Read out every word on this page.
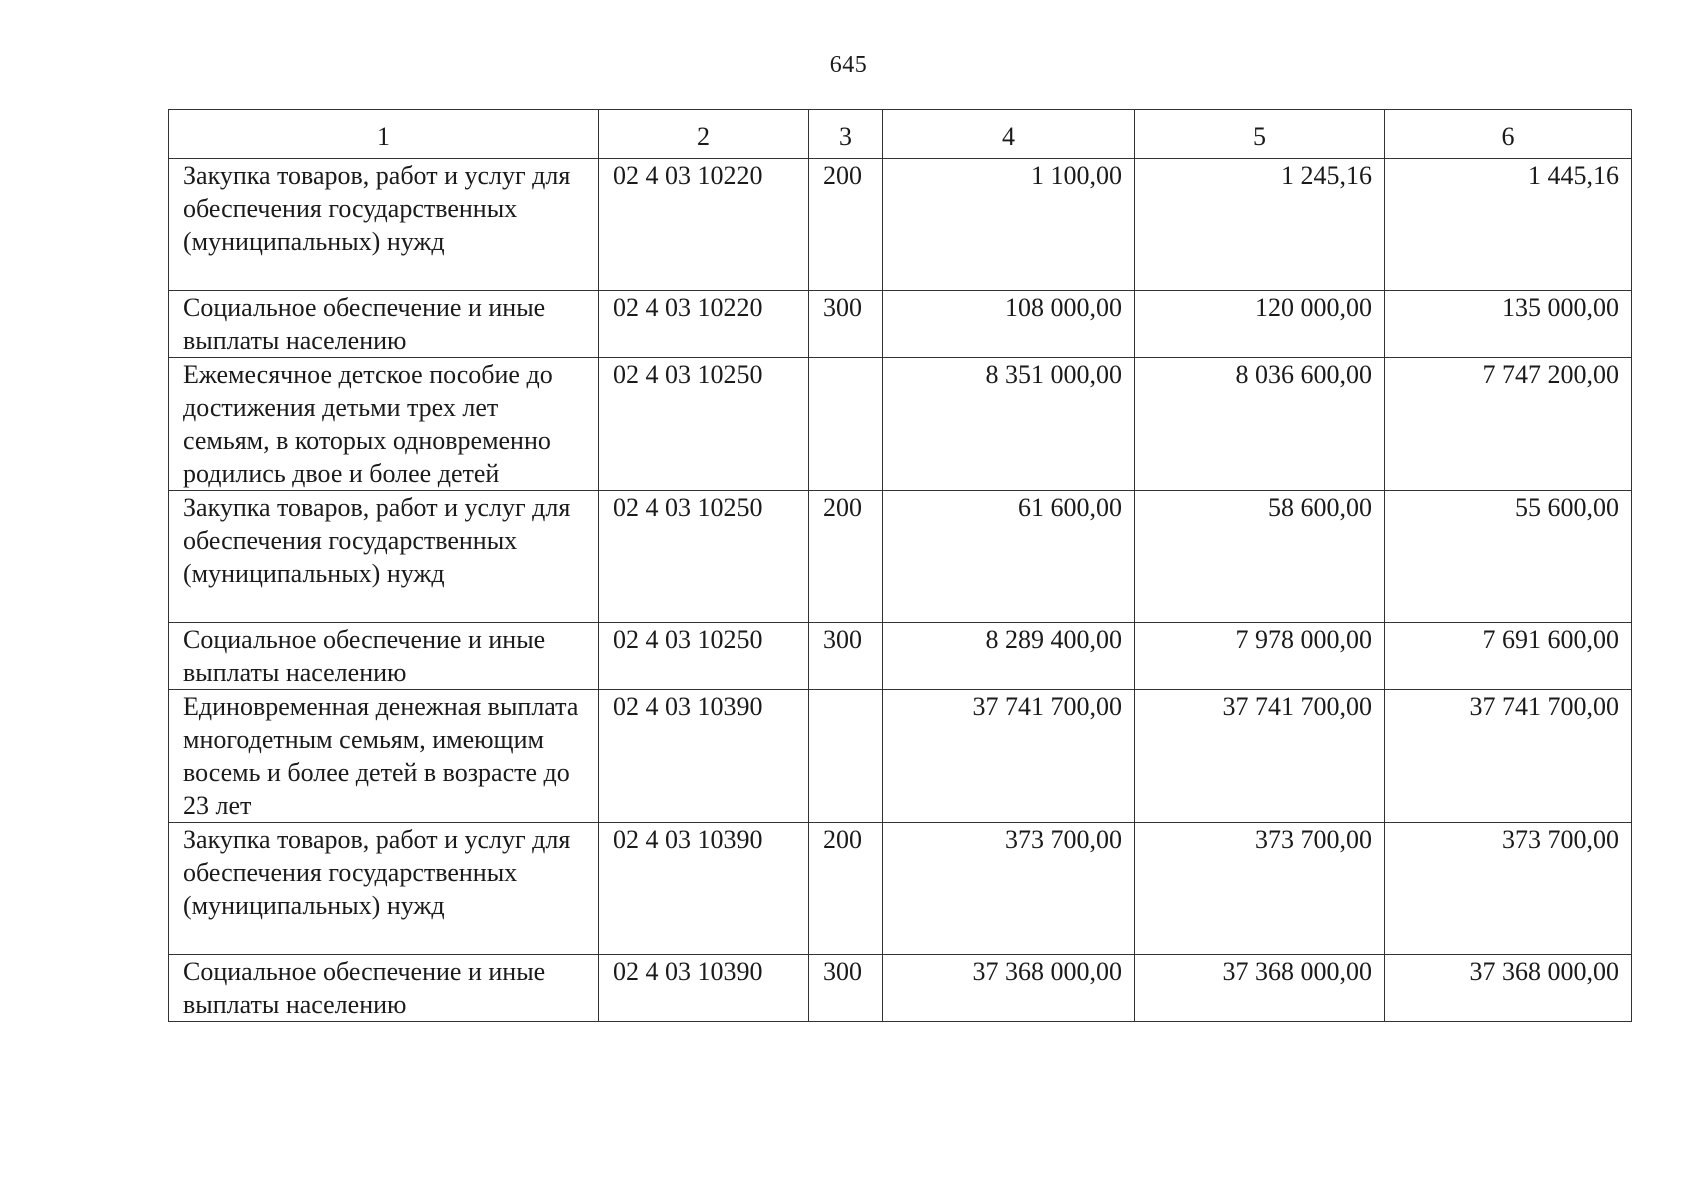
645
1	2	3	4	5	6
Закупка товаров, работ и услуг для обеспечения государственных (муниципальных) нужд	02 4 03 10220	200	1 100,00	1 245,16	1 445,16
Социальное обеспечение и иные выплаты населению	02 4 03 10220	300	108 000,00	120 000,00	135 000,00
Ежемесячное детское пособие до достижения детьми трех лет семьям, в которых одновременно родились двое и более детей	02 4 03 10250		8 351 000,00	8 036 600,00	7 747 200,00
Закупка товаров, работ и услуг для обеспечения государственных (муниципальных) нужд	02 4 03 10250	200	61 600,00	58 600,00	55 600,00
Социальное обеспечение и иные выплаты населению	02 4 03 10250	300	8 289 400,00	7 978 000,00	7 691 600,00
Единовременная денежная выплата многодетным семьям, имеющим восемь и более детей в возрасте до 23 лет	02 4 03 10390		37 741 700,00	37 741 700,00	37 741 700,00
Закупка товаров, работ и услуг для обеспечения государственных (муниципальных) нужд	02 4 03 10390	200	373 700,00	373 700,00	373 700,00
Социальное обеспечение и иные выплаты населению	02 4 03 10390	300	37 368 000,00	37 368 000,00	37 368 000,00
